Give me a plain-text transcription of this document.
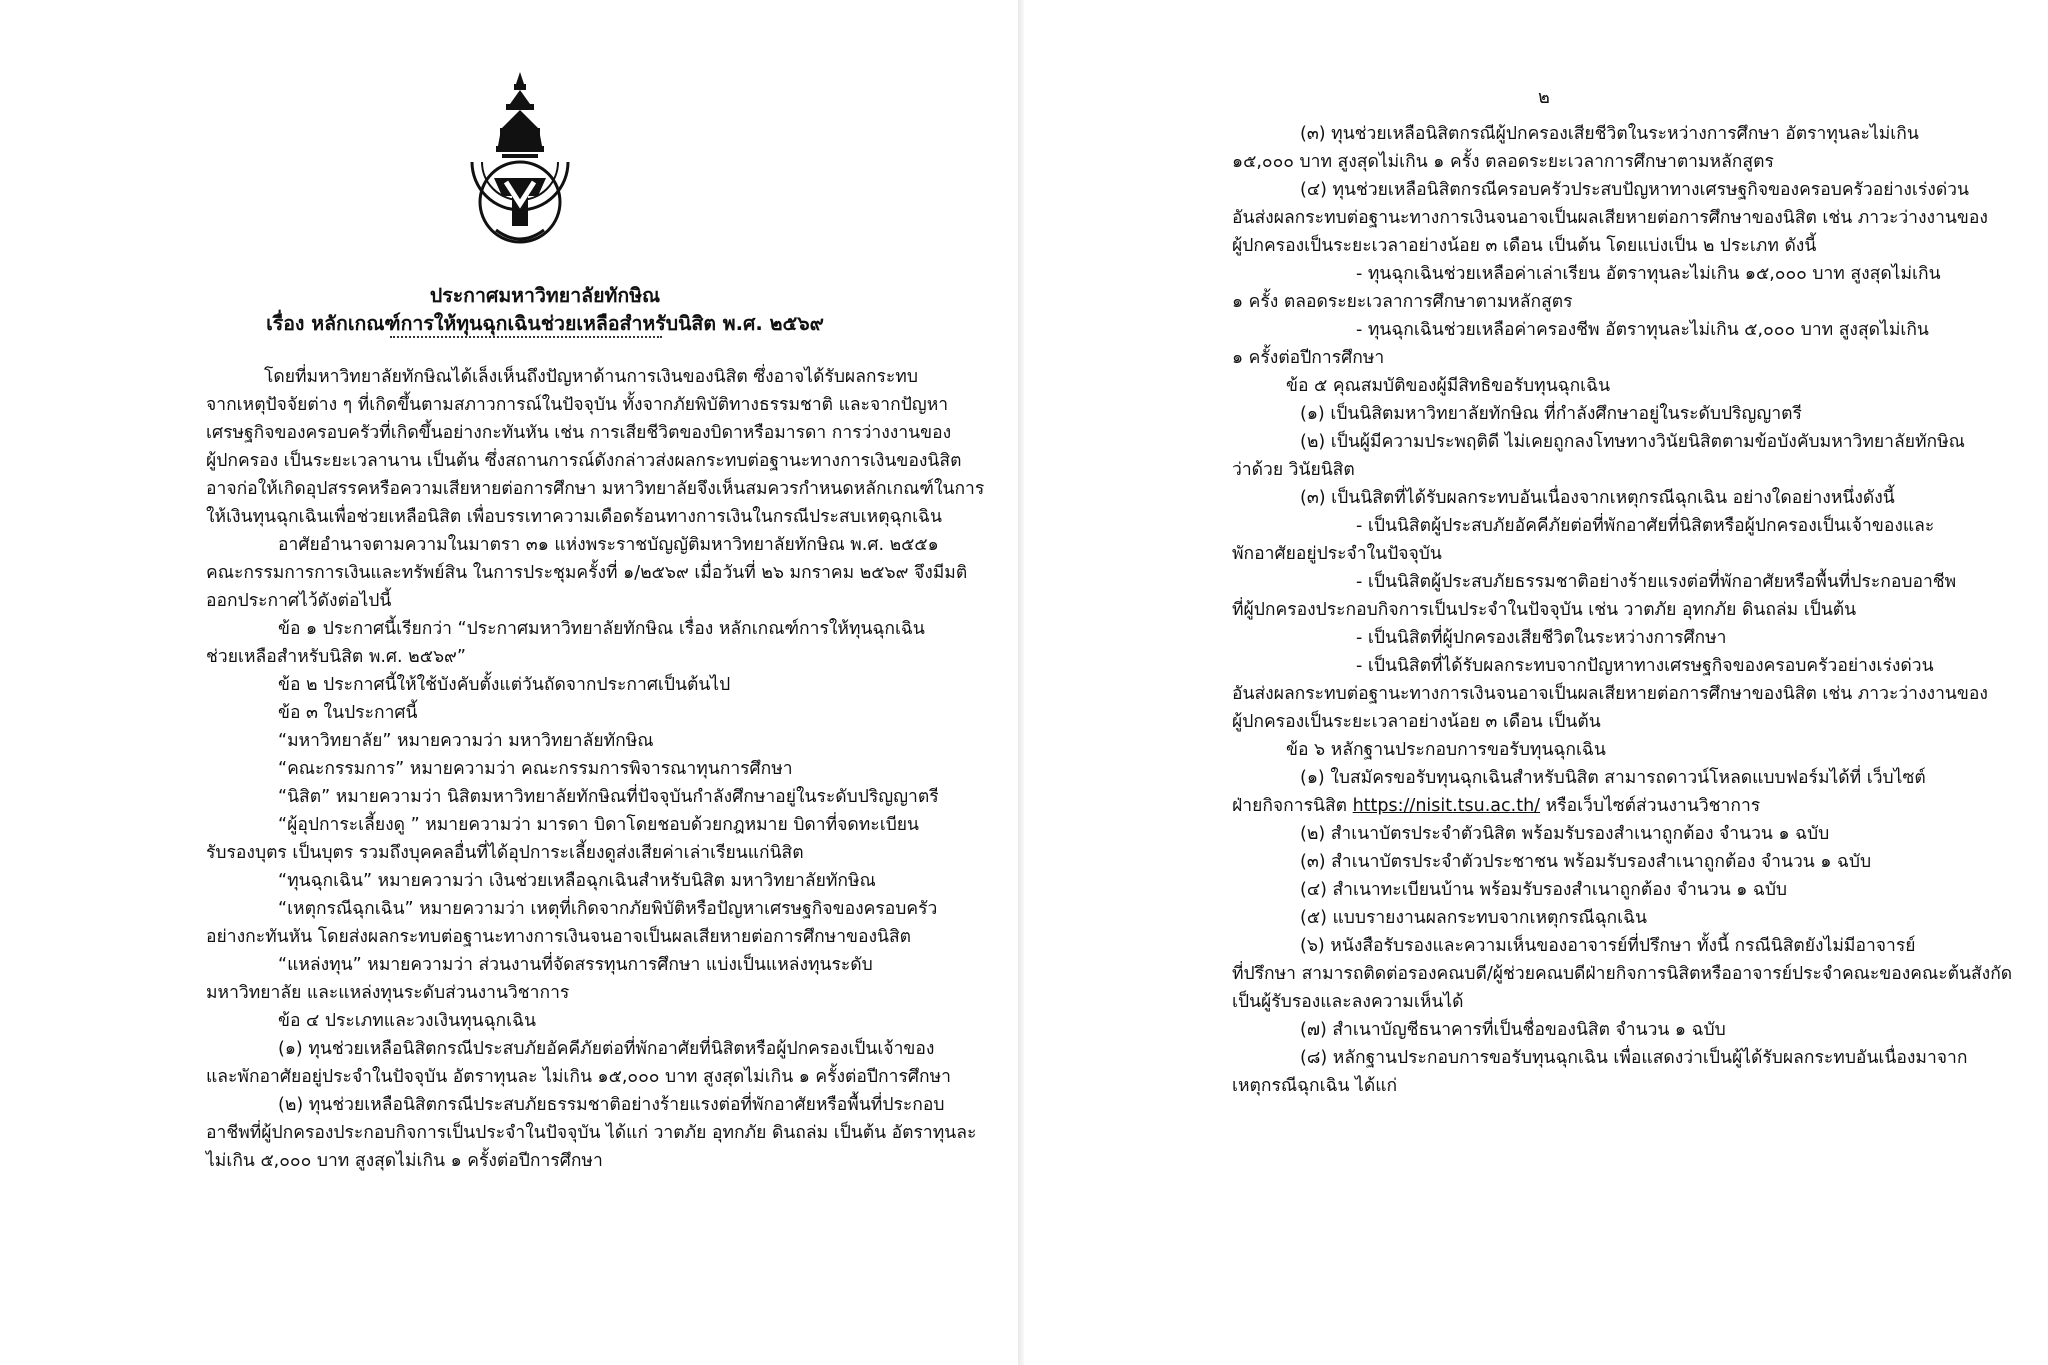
ประกาศมหาวิทยาลัยทักษิณ
เรื่อง หลักเกณฑ์การให้ทุนฉุกเฉินช่วยเหลือสำหรับนิสิต พ.ศ. ๒๕๖๙
โดยที่มหาวิทยาลัยทักษิณได้เล็งเห็นถึงปัญหาด้านการเงินของนิสิต ซึ่งอาจได้รับผลกระทบ
จากเหตุปัจจัยต่าง ๆ ที่เกิดขึ้นตามสภาวการณ์ในปัจจุบัน ทั้งจากภัยพิบัติทางธรรมชาติ และจากปัญหา
เศรษฐกิจของครอบครัวที่เกิดขึ้นอย่างกะทันหัน เช่น การเสียชีวิตของบิดาหรือมารดา การว่างงานของ
ผู้ปกครอง เป็นระยะเวลานาน เป็นต้น ซึ่งสถานการณ์ดังกล่าวส่งผลกระทบต่อฐานะทางการเงินของนิสิต
อาจก่อให้เกิดอุปสรรคหรือความเสียหายต่อการศึกษา มหาวิทยาลัยจึงเห็นสมควรกำหนดหลักเกณฑ์ในการ
ให้เงินทุนฉุกเฉินเพื่อช่วยเหลือนิสิต เพื่อบรรเทาความเดือดร้อนทางการเงินในกรณีประสบเหตุฉุกเฉิน
อาศัยอำนาจตามความในมาตรา ๓๑ แห่งพระราชบัญญัติมหาวิทยาลัยทักษิณ พ.ศ. ๒๕๕๑
คณะกรรมการการเงินและทรัพย์สิน ในการประชุมครั้งที่ ๑/๒๕๖๙ เมื่อวันที่ ๒๖ มกราคม ๒๕๖๙ จึงมีมติ
ออกประกาศไว้ดังต่อไปนี้
ข้อ ๑ ประกาศนี้เรียกว่า “ประกาศมหาวิทยาลัยทักษิณ เรื่อง หลักเกณฑ์การให้ทุนฉุกเฉิน
ช่วยเหลือสำหรับนิสิต พ.ศ. ๒๕๖๙”
ข้อ ๒ ประกาศนี้ให้ใช้บังคับตั้งแต่วันถัดจากประกาศเป็นต้นไป
ข้อ ๓ ในประกาศนี้
“มหาวิทยาลัย” หมายความว่า มหาวิทยาลัยทักษิณ
“คณะกรรมการ” หมายความว่า คณะกรรมการพิจารณาทุนการศึกษา
“นิสิต” หมายความว่า นิสิตมหาวิทยาลัยทักษิณที่ปัจจุบันกำลังศึกษาอยู่ในระดับปริญญาตรี
“ผู้อุปการะเลี้ยงดู ” หมายความว่า มารดา บิดาโดยชอบด้วยกฎหมาย บิดาที่จดทะเบียน
รับรองบุตร เป็นบุตร รวมถึงบุคคลอื่นที่ได้อุปการะเลี้ยงดูส่งเสียค่าเล่าเรียนแก่นิสิต
“ทุนฉุกเฉิน” หมายความว่า เงินช่วยเหลือฉุกเฉินสำหรับนิสิต มหาวิทยาลัยทักษิณ
“เหตุกรณีฉุกเฉิน” หมายความว่า เหตุที่เกิดจากภัยพิบัติหรือปัญหาเศรษฐกิจของครอบครัว
อย่างกะทันหัน โดยส่งผลกระทบต่อฐานะทางการเงินจนอาจเป็นผลเสียหายต่อการศึกษาของนิสิต
“แหล่งทุน” หมายความว่า ส่วนงานที่จัดสรรทุนการศึกษา แบ่งเป็นแหล่งทุนระดับ
มหาวิทยาลัย และแหล่งทุนระดับส่วนงานวิชาการ
ข้อ ๔ ประเภทและวงเงินทุนฉุกเฉิน
(๑) ทุนช่วยเหลือนิสิตกรณีประสบภัยอัคคีภัยต่อที่พักอาศัยที่นิสิตหรือผู้ปกครองเป็นเจ้าของ
และพักอาศัยอยู่ประจำในปัจจุบัน อัตราทุนละ ไม่เกิน ๑๕,๐๐๐ บาท สูงสุดไม่เกิน ๑ ครั้งต่อปีการศึกษา
(๒) ทุนช่วยเหลือนิสิตกรณีประสบภัยธรรมชาติอย่างร้ายแรงต่อที่พักอาศัยหรือพื้นที่ประกอบ
อาชีพที่ผู้ปกครองประกอบกิจการเป็นประจำในปัจจุบัน ได้แก่ วาตภัย อุทกภัย ดินถล่ม เป็นต้น อัตราทุนละ
ไม่เกิน ๕,๐๐๐ บาท สูงสุดไม่เกิน ๑ ครั้งต่อปีการศึกษา
๒
(๓) ทุนช่วยเหลือนิสิตกรณีผู้ปกครองเสียชีวิตในระหว่างการศึกษา อัตราทุนละไม่เกิน
๑๕,๐๐๐ บาท สูงสุดไม่เกิน ๑ ครั้ง ตลอดระยะเวลาการศึกษาตามหลักสูตร
(๔) ทุนช่วยเหลือนิสิตกรณีครอบครัวประสบปัญหาทางเศรษฐกิจของครอบครัวอย่างเร่งด่วน
อันส่งผลกระทบต่อฐานะทางการเงินจนอาจเป็นผลเสียหายต่อการศึกษาของนิสิต เช่น ภาวะว่างงานของ
ผู้ปกครองเป็นระยะเวลาอย่างน้อย ๓ เดือน เป็นต้น โดยแบ่งเป็น ๒ ประเภท ดังนี้
- ทุนฉุกเฉินช่วยเหลือค่าเล่าเรียน อัตราทุนละไม่เกิน ๑๕,๐๐๐ บาท สูงสุดไม่เกิน
๑ ครั้ง ตลอดระยะเวลาการศึกษาตามหลักสูตร
- ทุนฉุกเฉินช่วยเหลือค่าครองชีพ อัตราทุนละไม่เกิน ๕,๐๐๐ บาท สูงสุดไม่เกิน
๑ ครั้งต่อปีการศึกษา
ข้อ ๕ คุณสมบัติของผู้มีสิทธิขอรับทุนฉุกเฉิน
(๑) เป็นนิสิตมหาวิทยาลัยทักษิณ ที่กำลังศึกษาอยู่ในระดับปริญญาตรี
(๒) เป็นผู้มีความประพฤติดี ไม่เคยถูกลงโทษทางวินัยนิสิตตามข้อบังคับมหาวิทยาลัยทักษิณ
ว่าด้วย วินัยนิสิต
(๓) เป็นนิสิตที่ได้รับผลกระทบอันเนื่องจากเหตุกรณีฉุกเฉิน อย่างใดอย่างหนึ่งดังนี้
- เป็นนิสิตผู้ประสบภัยอัคคีภัยต่อที่พักอาศัยที่นิสิตหรือผู้ปกครองเป็นเจ้าของและ
พักอาศัยอยู่ประจำในปัจจุบัน
- เป็นนิสิตผู้ประสบภัยธรรมชาติอย่างร้ายแรงต่อที่พักอาศัยหรือพื้นที่ประกอบอาชีพ
ที่ผู้ปกครองประกอบกิจการเป็นประจำในปัจจุบัน เช่น วาตภัย อุทกภัย ดินถล่ม เป็นต้น
- เป็นนิสิตที่ผู้ปกครองเสียชีวิตในระหว่างการศึกษา
- เป็นนิสิตที่ได้รับผลกระทบจากปัญหาทางเศรษฐกิจของครอบครัวอย่างเร่งด่วน
อันส่งผลกระทบต่อฐานะทางการเงินจนอาจเป็นผลเสียหายต่อการศึกษาของนิสิต เช่น ภาวะว่างงานของ
ผู้ปกครองเป็นระยะเวลาอย่างน้อย ๓ เดือน เป็นต้น
ข้อ ๖ หลักฐานประกอบการขอรับทุนฉุกเฉิน
(๑) ใบสมัครขอรับทุนฉุกเฉินสำหรับนิสิต สามารถดาวน์โหลดแบบฟอร์มได้ที่ เว็บไซต์
ฝ่ายกิจการนิสิต https://nisit.tsu.ac.th/ หรือเว็บไซต์ส่วนงานวิชาการ
(๒) สำเนาบัตรประจำตัวนิสิต พร้อมรับรองสำเนาถูกต้อง จำนวน ๑ ฉบับ
(๓) สำเนาบัตรประจำตัวประชาชน พร้อมรับรองสำเนาถูกต้อง จำนวน ๑ ฉบับ
(๔) สำเนาทะเบียนบ้าน พร้อมรับรองสำเนาถูกต้อง จำนวน ๑ ฉบับ
(๕) แบบรายงานผลกระทบจากเหตุกรณีฉุกเฉิน
(๖) หนังสือรับรองและความเห็นของอาจารย์ที่ปรึกษา ทั้งนี้ กรณีนิสิตยังไม่มีอาจารย์
ที่ปรึกษา สามารถติดต่อรองคณบดี/ผู้ช่วยคณบดีฝ่ายกิจการนิสิตหรืออาจารย์ประจำคณะของคณะต้นสังกัด
เป็นผู้รับรองและลงความเห็นได้
(๗) สำเนาบัญชีธนาคารที่เป็นชื่อของนิสิต จำนวน ๑ ฉบับ
(๘) หลักฐานประกอบการขอรับทุนฉุกเฉิน เพื่อแสดงว่าเป็นผู้ได้รับผลกระทบอันเนื่องมาจาก
เหตุกรณีฉุกเฉิน ได้แก่
